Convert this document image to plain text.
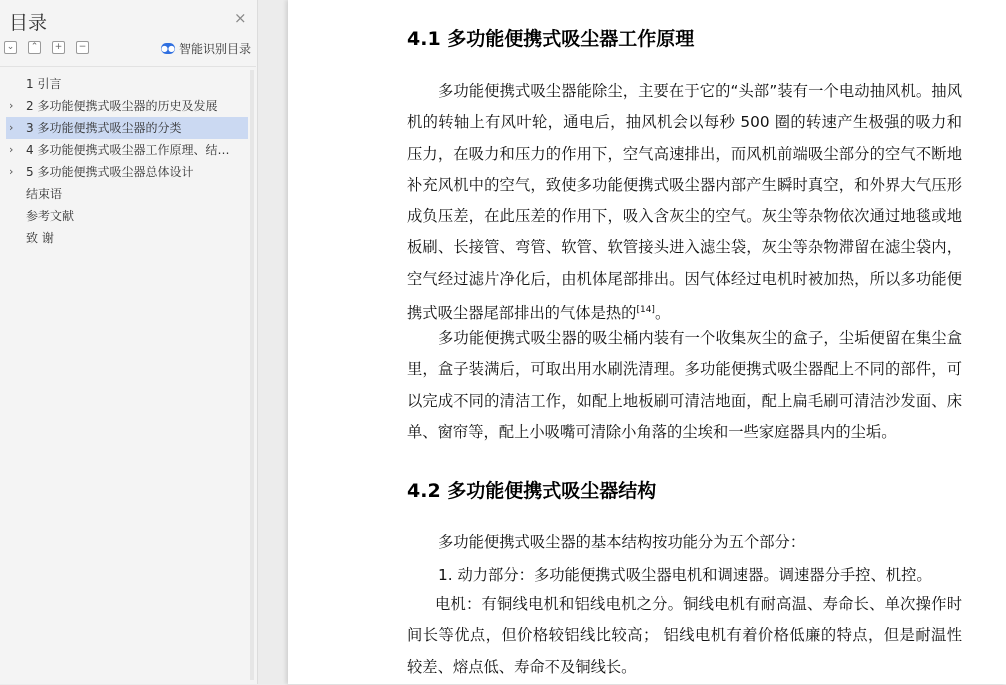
目录	×
⌄	⌃	+	−	●● 智能识别目录
1 引言
›	2 多功能便携式吸尘器的历史及发展
›	3 多功能便携式吸尘器的分类
›	4 多功能便携式吸尘器工作原理、结…
›	5 多功能便携式吸尘器总体设计
结束语
参考文献
致 谢
4.1 多功能便携式吸尘器工作原理

多功能便携式吸尘器能除尘，主要在于它的“头部”装有一个电动抽风机。抽风机的转轴上有风叶轮，通电后，抽风机会以每秒 500 圈的转速产生极强的吸力和压力，在吸力和压力的作用下，空气高速排出，而风机前端吸尘部分的空气不断地补充风机中的空气，致使多功能便携式吸尘器内部产生瞬时真空，和外界大气压形成负压差，在此压差的作用下，吸入含灰尘的空气。灰尘等杂物依次通过地毯或地板刷、长接管、弯管、软管、软管接头进入滤尘袋，灰尘等杂物滞留在滤尘袋内，空气经过滤片净化后，由机体尾部排出。因气体经过电机时被加热，所以多功能便携式吸尘器尾部排出的气体是热的[14]。

多功能便携式吸尘器的吸尘桶内装有一个收集灰尘的盒子，尘垢便留在集尘盒里，盒子装满后，可取出用水刷洗清理。多功能便携式吸尘器配上不同的部件，可以完成不同的清洁工作，如配上地板刷可清洁地面，配上扁毛刷可清洁沙发面、床单、窗帘等，配上小吸嘴可清除小角落的尘埃和一些家庭器具内的尘垢。

4.2 多功能便携式吸尘器结构
多功能便携式吸尘器的基本结构按功能分为五个部分：
1. 动力部分：多功能便携式吸尘器电机和调速器。调速器分手控、机控。

电机：有铜线电机和铝线电机之分。铜线电机有耐高温、寿命长、单次操作时间长等优点，但价格较铝线比较高； 铝线电机有着价格低廉的特点，但是耐温性较差、熔点低、寿命不及铜线长。
